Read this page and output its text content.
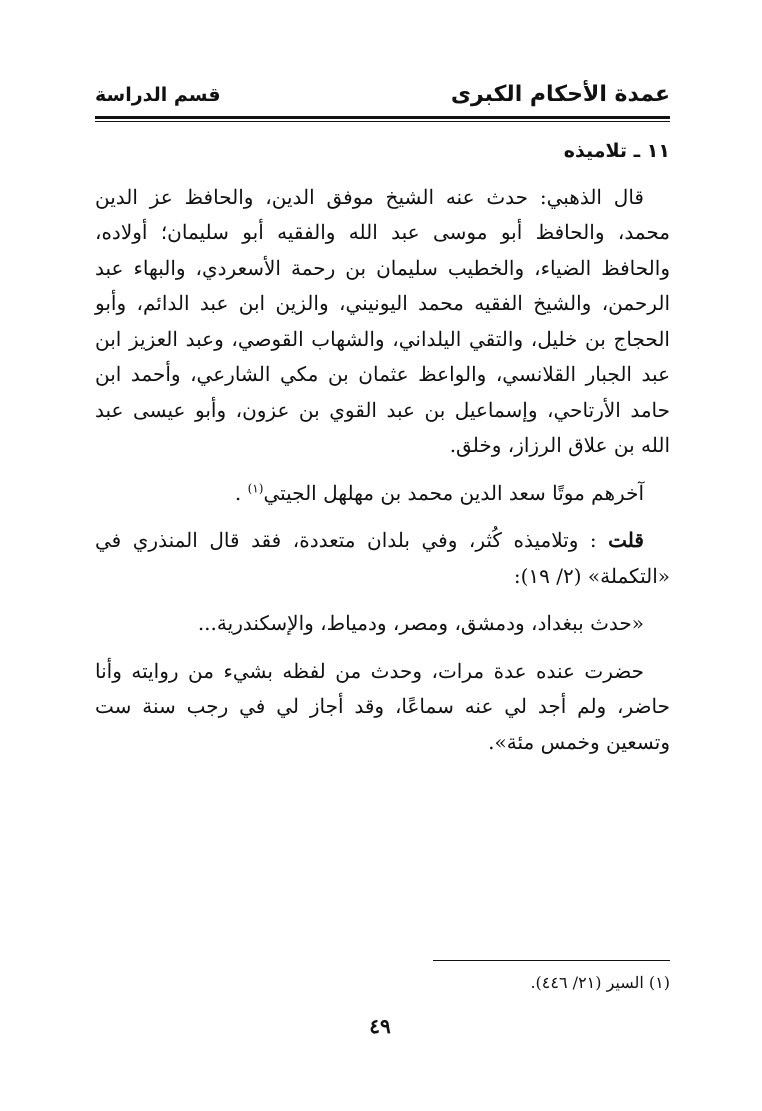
عمدة الأحكام الكبرى
قسم الدراسة
١١ ـ تلاميذه

قال الذهبي: حدث عنه الشيخ موفق الدين، والحافظ عز الدين محمد، والحافظ أبو موسى عبد الله والفقيه أبو سليمان؛ أولاده، والحافظ الضياء، والخطيب سليمان بن رحمة الأسعردي، والبهاء عبد الرحمن، والشيخ الفقيه محمد اليونيني، والزين ابن عبد الدائم، وأبو الحجاج بن خليل، والتقي اليلداني، والشهاب القوصي، وعبد العزيز ابن عبد الجبار القلانسي، والواعظ عثمان بن مكي الشارعي، وأحمد ابن حامد الأرتاحي، وإسماعيل بن عبد القوي بن عزون، وأبو عيسى عبد الله بن علاق الرزاز، وخلق.

آخرهم موتًا سعد الدين محمد بن مهلهل الجيتي$^{(١)}$ .

قلت : وتلاميذه كُثر، وفي بلدان متعددة، فقد قال المنذري في «التكملة» (٢/ ١٩):

«حدث ببغداد، ودمشق، ومصر، ودمياط، والإسكندرية...

حضرت عنده عدة مرات، وحدث من لفظه بشيء من روايته وأنا حاضر، ولم أجد لي عنه سماعًا، وقد أجاز لي في رجب سنة ست وتسعين وخمس مئة».

(١) السير (٢١/ ٤٤٦).
٤٩
